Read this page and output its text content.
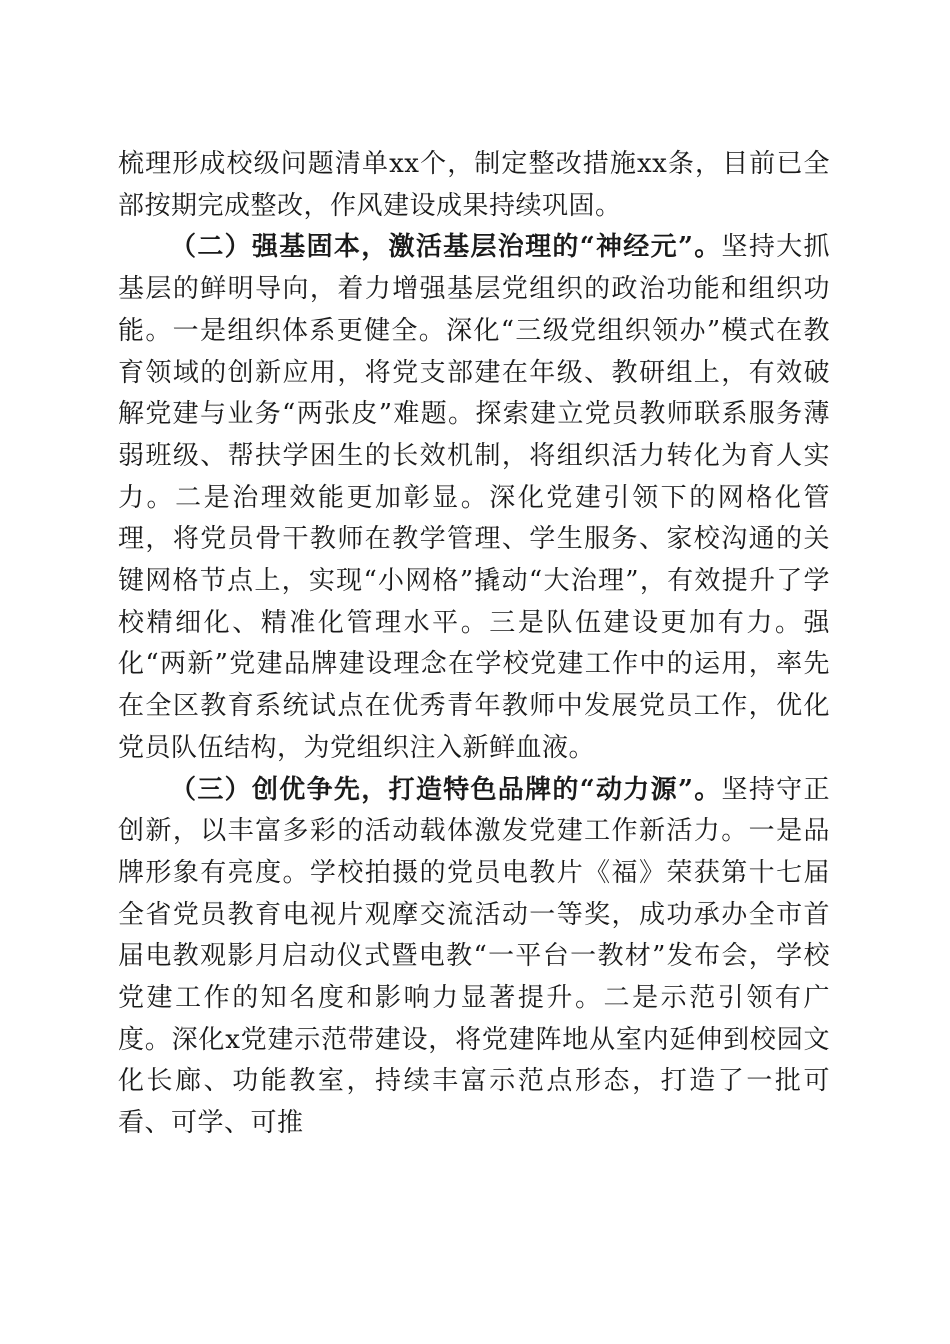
梳理形成校级问题清单xx个，制定整改措施xx条，目前已全部按期完成整改，作风建设成果持续巩固。

（二）强基固本，激活基层治理的“神经元”。坚持大抓基层的鲜明导向，着力增强基层党组织的政治功能和组织功能。一是组织体系更健全。深化“三级党组织领办”模式在教育领域的创新应用，将党支部建在年级、教研组上，有效破解党建与业务“两张皮”难题。探索建立党员教师联系服务薄弱班级、帮扶学困生的长效机制，将组织活力转化为育人实力。二是治理效能更加彰显。深化党建引领下的网格化管理，将党员骨干教师在教学管理、学生服务、家校沟通的关键网格节点上，实现“小网格”撬动“大治理”，有效提升了学校精细化、精准化管理水平。三是队伍建设更加有力。强化“两新”党建品牌建设理念在学校党建工作中的运用，率先在全区教育系统试点在优秀青年教师中发展党员工作，优化党员队伍结构，为党组织注入新鲜血液。

（三）创优争先，打造特色品牌的“动力源”。坚持守正创新，以丰富多彩的活动载体激发党建工作新活力。一是品牌形象有亮度。学校拍摄的党员电教片《福》荣获第十七届全省党员教育电视片观摩交流活动一等奖，成功承办全市首届电教观影月启动仪式暨电教“一平台一教材”发布会，学校党建工作的知名度和影响力显著提升。二是示范引领有广度。深化x党建示范带建设，将党建阵地从室内延伸到校园文化长廊、功能教室，持续丰富示范点形态，打造了一批可看、可学、可推
